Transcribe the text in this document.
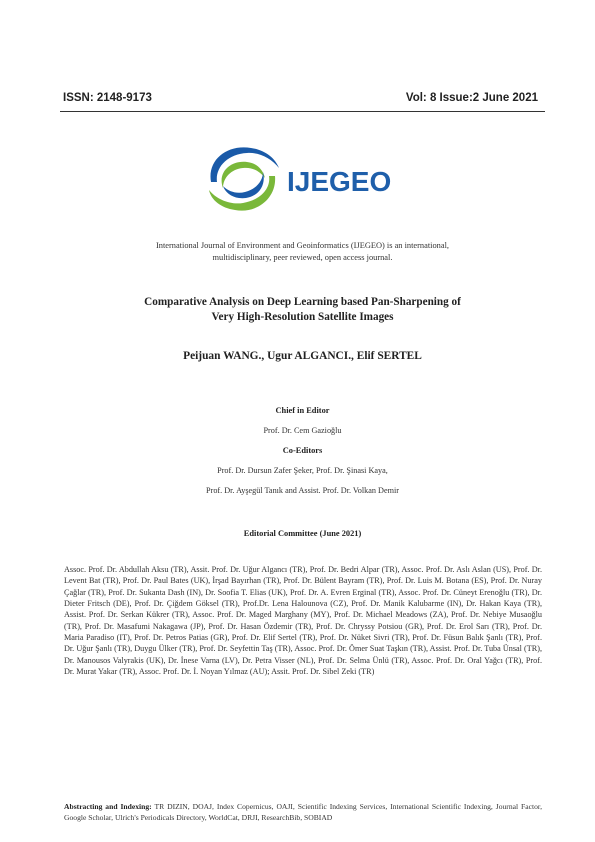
ISSN: 2148-9173	Vol: 8 Issue:2 June 2021
IJEGEO
International Journal of Environment and Geoinformatics (IJEGEO) is an international,
multidisciplinary, peer reviewed, open access journal.
Comparative Analysis on Deep Learning based Pan-Sharpening of
Very High-Resolution Satellite Images
Peijuan WANG., Ugur ALGANCI., Elif SERTEL
Chief in Editor
Prof. Dr. Cem Gazioğlu
Co-Editors
Prof. Dr. Dursun Zafer Şeker, Prof. Dr. Şinasi Kaya,
Prof. Dr. Ayşegül Tanık and Assist. Prof. Dr. Volkan Demir
Editorial Committee (June 2021)
Assoc. Prof. Dr. Abdullah Aksu (TR), Assit. Prof. Dr. Uğur Algancı (TR), Prof. Dr. Bedri Alpar (TR), Assoc. Prof. Dr. Aslı Aslan (US), Prof. Dr. Levent Bat (TR), Prof. Dr. Paul Bates (UK), İrşad Bayırhan (TR), Prof. Dr. Bülent Bayram (TR), Prof. Dr. Luis M. Botana (ES), Prof. Dr. Nuray Çağlar (TR), Prof. Dr. Sukanta Dash (IN), Dr. Soofia T. Elias (UK), Prof. Dr. A. Evren Erginal (TR), Assoc. Prof. Dr. Cüneyt Erenoğlu (TR), Dr. Dieter Fritsch (DE), Prof. Dr. Çiğdem Göksel (TR), Prof.Dr. Lena Halounova (CZ), Prof. Dr. Manik Kalubarme (IN), Dr. Hakan Kaya (TR), Assist. Prof. Dr. Serkan Kükrer (TR), Assoc. Prof. Dr. Maged Marghany (MY), Prof. Dr. Michael Meadows (ZA), Prof. Dr. Nebiye Musaoğlu (TR), Prof. Dr. Masafumi Nakagawa (JP), Prof. Dr. Hasan Özdemir (TR), Prof. Dr. Chryssy Potsiou (GR), Prof. Dr. Erol Sarı (TR), Prof. Dr. Maria Paradiso (IT), Prof. Dr. Petros Patias (GR), Prof. Dr. Elif Sertel (TR), Prof. Dr. Nüket Sivri (TR), Prof. Dr. Füsun Balık Şanlı (TR), Prof. Dr. Uğur Şanlı (TR), Duygu Ülker (TR), Prof. Dr. Seyfettin Taş (TR), Assoc. Prof. Dr. Ömer Suat Taşkın (TR), Assist. Prof. Dr. Tuba Ünsal (TR), Dr. Manousos Valyrakis (UK), Dr. İnese Varna (LV), Dr. Petra Visser (NL), Prof. Dr. Selma Ünlü (TR), Assoc. Prof. Dr. Oral Yağcı (TR), Prof. Dr. Murat Yakar (TR), Assoc. Prof. Dr. İ. Noyan Yılmaz (AU); Assit. Prof. Dr. Sibel Zeki (TR)
Abstracting and Indexing: TR DIZIN, DOAJ, Index Copernicus, OAJI, Scientific Indexing Services, International Scientific Indexing, Journal Factor, Google Scholar, Ulrich's Periodicals Directory, WorldCat, DRJI, ResearchBib, SOBIAD
